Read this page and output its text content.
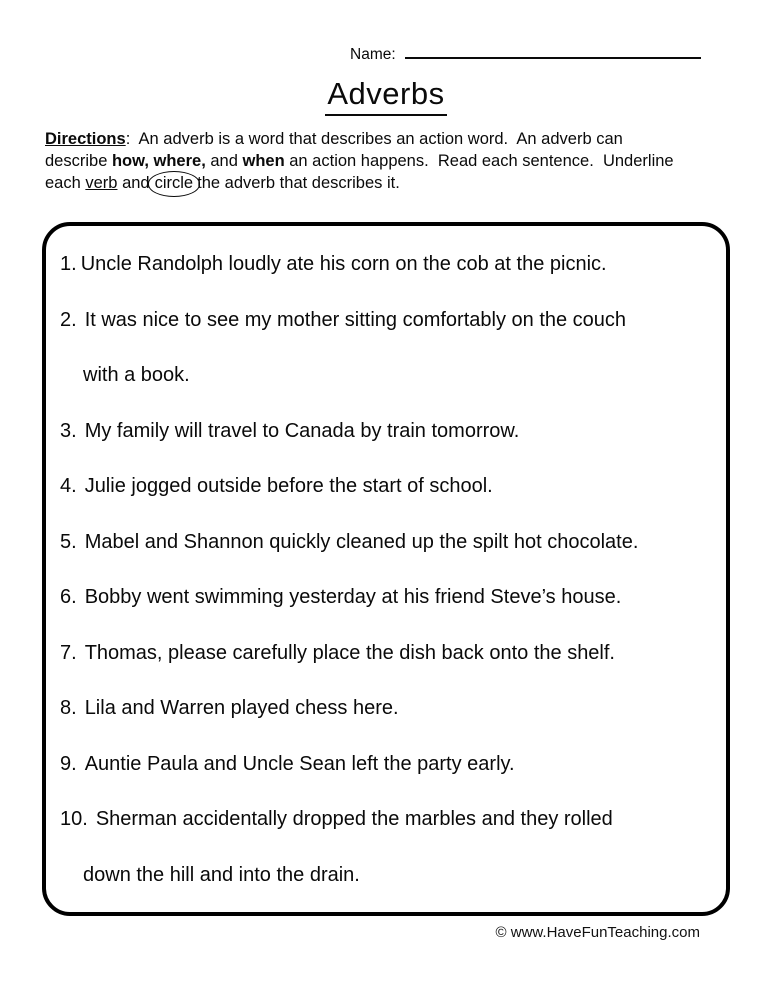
Name:
Adverbs
Directions:  An adverb is a word that describes an action word.  An adverb can
describe how, where, and when an action happens.  Read each sentence.  Underline
each verb and circle the adverb that describes it.
1. Uncle Randolph loudly ate his corn on the cob at the picnic.
2. It was nice to see my mother sitting comfortably on the couch
with a book.
3. My family will travel to Canada by train tomorrow.
4. Julie jogged outside before the start of school.
5. Mabel and Shannon quickly cleaned up the spilt hot chocolate.
6. Bobby went swimming yesterday at his friend Steve’s house.
7. Thomas, please carefully place the dish back onto the shelf.
8. Lila and Warren played chess here.
9. Auntie Paula and Uncle Sean left the party early.
10. Sherman accidentally dropped the marbles and they rolled
down the hill and into the drain.
© www.HaveFunTeaching.com
